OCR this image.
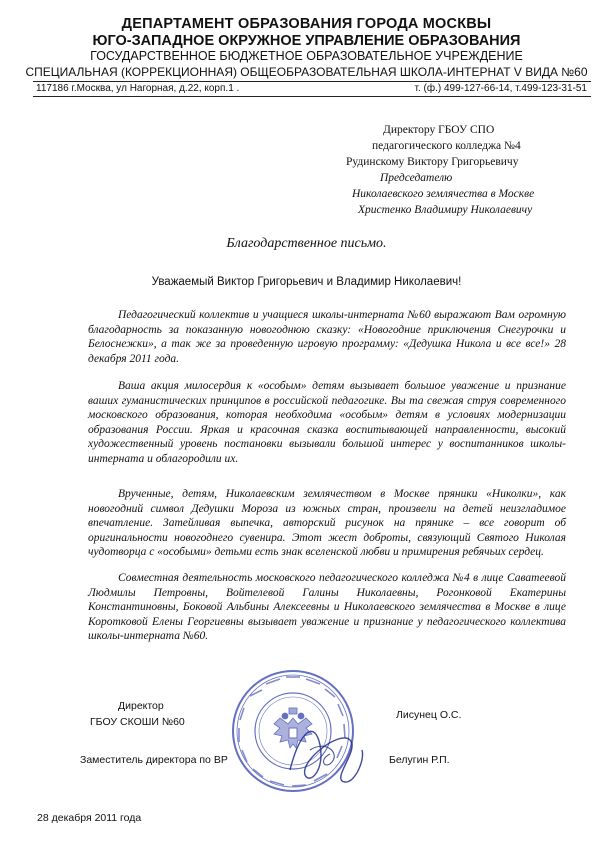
ДЕПАРТАМЕНТ ОБРАЗОВАНИЯ ГОРОДА МОСКВЫ
ЮГО-ЗАПАДНОЕ ОКРУЖНОЕ УПРАВЛЕНИЕ ОБРАЗОВАНИЯ
ГОСУДАРСТВЕННОЕ БЮДЖЕТНОЕ ОБРАЗОВАТЕЛЬНОЕ УЧРЕЖДЕНИЕ
СПЕЦИАЛЬНАЯ (КОРРЕКЦИОННАЯ) ОБЩЕОБРАЗОВАТЕЛЬНАЯ ШКОЛА-ИНТЕРНАТ V ВИДА №60
117186 г.Москва, ул Нагорная, д.22, корп.1 .	т. (ф.) 499-127-66-14, т.499-123-31-51
Директору ГБОУ СПО
педагогического колледжа №4
Рудинскому Виктору Григорьевичу
Председателю
Николаевского землячества в Москве
Христенко Владимиру Николаевичу
Благодарственное письмо.
Уважаемый Виктор Григорьевич и Владимир Николаевич!
Педагогический коллектив и учащиеся школы-интерната №60 выражают Вам огромную благодарность за показанную новогоднюю сказку: «Новогодние приключения Снегурочки и Белоснежки», а так же за проведенную игровую программу: «Дедушка Никола и все все!» 28 декабря 2011 года.
Ваша акция милосердия к «особым» детям вызывает большое уважение и признание ваших гуманистических принципов в российской педагогике. Вы та свежая струя современного московского образования, которая необходима «особым» детям в условиях модернизации образования России. Яркая и красочная сказка воспитывающей направленности, высокий художественный уровень постановки вызывали большой интерес у воспитанников школы-интерната и облагородили их.
Врученные, детям, Николаевским землячеством в Москве пряники «Николки», как новогодний символ Дедушки Мороза из южных стран, произвели на детей неизгладимое впечатление. Затейливая выпечка, авторский рисунок на прянике – все говорит об оригинальности новогоднего сувенира. Этот жест доброты, связующий Святого Николая чудотворца с «особыми» детьми есть знак вселенской любви и примирения ребячьих сердец.
Совместная деятельность московского педагогического колледжа №4 в лице Саватеевой Людмилы Петровны, Войтелевой Галины Николаевны, Рогонковой Екатерины Константиновны, Боковой Альбины Алексеевны и Николаевского землячества в Москве в лице Коротковой Елены Георгиевны вызывает уважение и признание у педагогического коллектива школы-интерната №60.
Директор
ГБОУ СКОШИ №60
Лисунец О.С.
Заместитель директора по ВР	Белугин Р.П.
28 декабря 2011 года
